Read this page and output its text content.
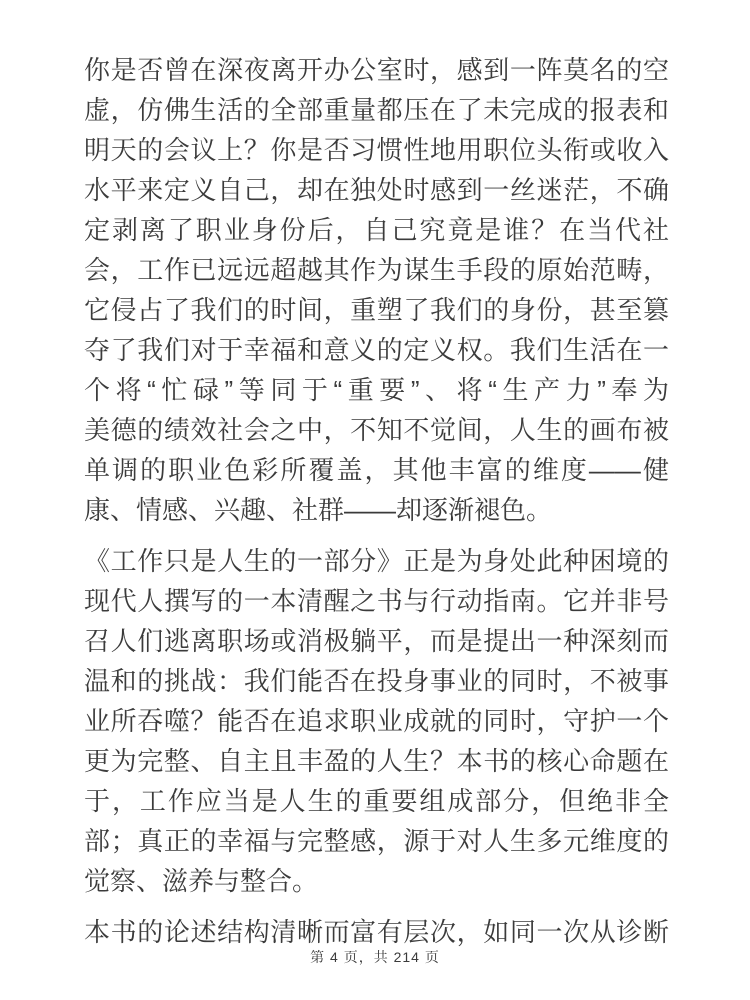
你是否曾在深夜离开办公室时，感到一阵莫名的空
虚，仿佛生活的全部重量都压在了未完成的报表和
明天的会议上？你是否习惯性地用职位头衔或收入
水平来定义自己，却在独处时感到一丝迷茫，不确
定剥离了职业身份后，自己究竟是谁？在当代社
会，工作已远远超越其作为谋生手段的原始范畴，
它侵占了我们的时间，重塑了我们的身份，甚至篡
夺了我们对于幸福和意义的定义权。我们生活在一
个将“忙碌”等同于“重要”、将“生产力”奉为
美德的绩效社会之中，不知不觉间，人生的画布被
单调的职业色彩所覆盖，其他丰富的维度——健
康、情感、兴趣、社群——却逐渐褪色。
《工作只是人生的一部分》正是为身处此种困境的
现代人撰写的一本清醒之书与行动指南。它并非号
召人们逃离职场或消极躺平，而是提出一种深刻而
温和的挑战：我们能否在投身事业的同时，不被事
业所吞噬？能否在追求职业成就的同时，守护一个
更为完整、自主且丰盈的人生？本书的核心命题在
于，工作应当是人生的重要组成部分，但绝非全
部；真正的幸福与完整感，源于对人生多元维度的
觉察、滋养与整合。
本书的论述结构清晰而富有层次，如同一次从诊断
第 4 页，共 214 页
